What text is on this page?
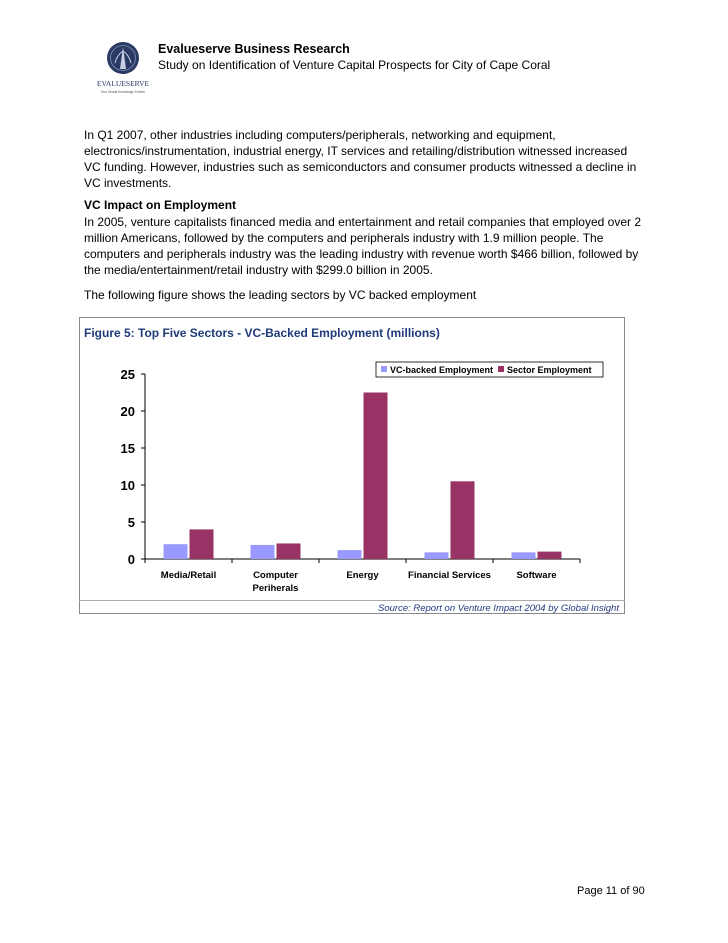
EVALUESERVE
Your Global Knowledge Partner
Evalueserve Business Research
Study on Identification of Venture Capital Prospects for City of Cape Coral
In Q1 2007, other industries including computers/peripherals, networking and equipment,
electronics/instrumentation, industrial energy, IT services and retailing/distribution witnessed increased
VC funding. However, industries such as semiconductors and consumer products witnessed a decline in
VC investments.
VC Impact on Employment
In 2005, venture capitalists financed media and entertainment and retail companies that employed over 2
million Americans, followed by the computers and peripherals industry with 1.9 million people. The
computers and peripherals industry was the leading industry with revenue worth $466 billion, followed by
the media/entertainment/retail industry with $299.0 billion in 2005.
The following figure shows the leading sectors by VC backed employment
Figure 5: Top Five Sectors - VC-Backed Employment (millions)
0
5
10
15
20
25
Media/Retail	Computer
Periherals
Energy	Financial Services	Software
VC-backed Employment Sector Employment
Source: Report on Venture Impact 2004 by Global Insight
Page 11 of 90
